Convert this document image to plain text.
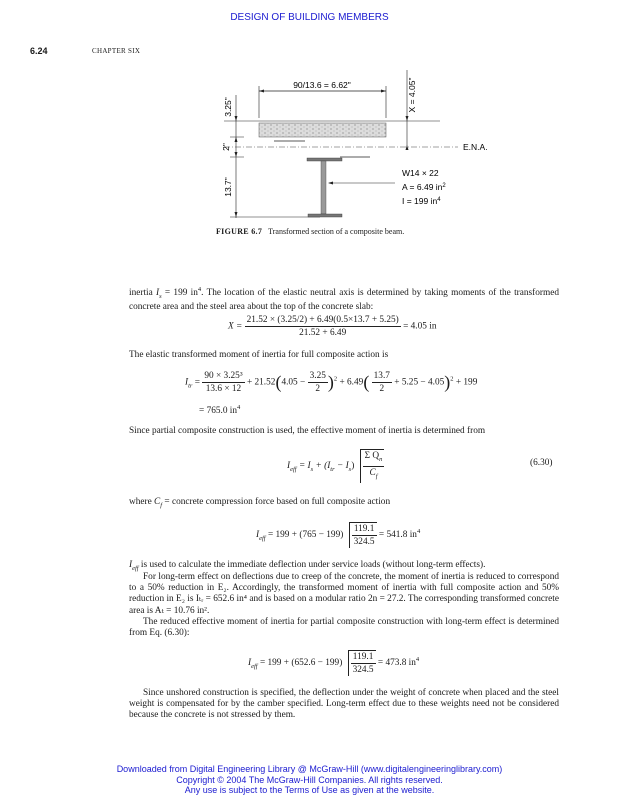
DESIGN OF BUILDING MEMBERS
6.24	CHAPTER SIX
90/13.6 = 6.62"	X = 4.05"
E.N.A.
3.25"
2"
13.7"
W14 × 22
A = 6.49 $in^2$
I = 199 $in^4$
FIGURE 6.7 Transformed section of a composite beam.
inertia $I_s = 199$ $in^4$. The location of the elastic neutral axis is determined by taking moments of the transformed concrete area and the steel area about the top of the concrete slab:
$X = \frac{21.52 \times (3.25/2) + 6.49(0.5\times 13.7 + 5.25)}{21.52 + 6.49} = 4.05$ in
The elastic transformed moment of inertia for full composite action is
$I_{tr} = \frac{\text{90 × 3.25³}}{13.6 \times 12} + 21.52(4.05 - \frac{3.25}{2} )^2 + 6.49( \frac{13.7}{2} + 5.25 - 4.05)^2 + 199$
= 765.0 $in^4$
Since partial composite construction is used, the effective moment of inertia is determined from
$I_{eff} = I_s + (I_{tr} - I_s) \frac{\Sigma Q_n}{C_f}$	(6.30)
where $C_f$ = concrete compression force based on full composite action
$I_{eff} = 199 + (765 - 199) \frac{119.1}{324.5} = 541.8$ $in^4$
$I_{eff}$ is used to calculate the immediate deflection under service loads (without long-term effects).
For long-term effect on deflections due to creep of the concrete, the moment of inertia is reduced to correspond to a 50% reduction in E₂. Accordingly, the transformed moment of inertia with full composite action and 50% reduction in E₂ is Iₜᵣ = 652.6 in⁴ and is based on a modular ratio 2n = 27.2. The corresponding transformed concrete area is Aₜ = 10.76 in².
The reduced effective moment of inertia for partial composite construction with long-term effect is determined from Eq. (6.30):
$I_{eff} = 199 + (652.6 - 199) \frac{119.1}{324.5} = 473.8$ $in^4$
Since unshored construction is specified, the deflection under the weight of concrete when placed and the steel weight is compensated for by the camber specified. Long-term effect due to these weights need not be considered because the concrete is not stressed by them.
Downloaded from Digital Engineering Library @ McGraw-Hill (www.digitalengineeringlibrary.com)
Copyright © 2004 The McGraw-Hill Companies. All rights reserved.
Any use is subject to the Terms of Use as given at the website.
